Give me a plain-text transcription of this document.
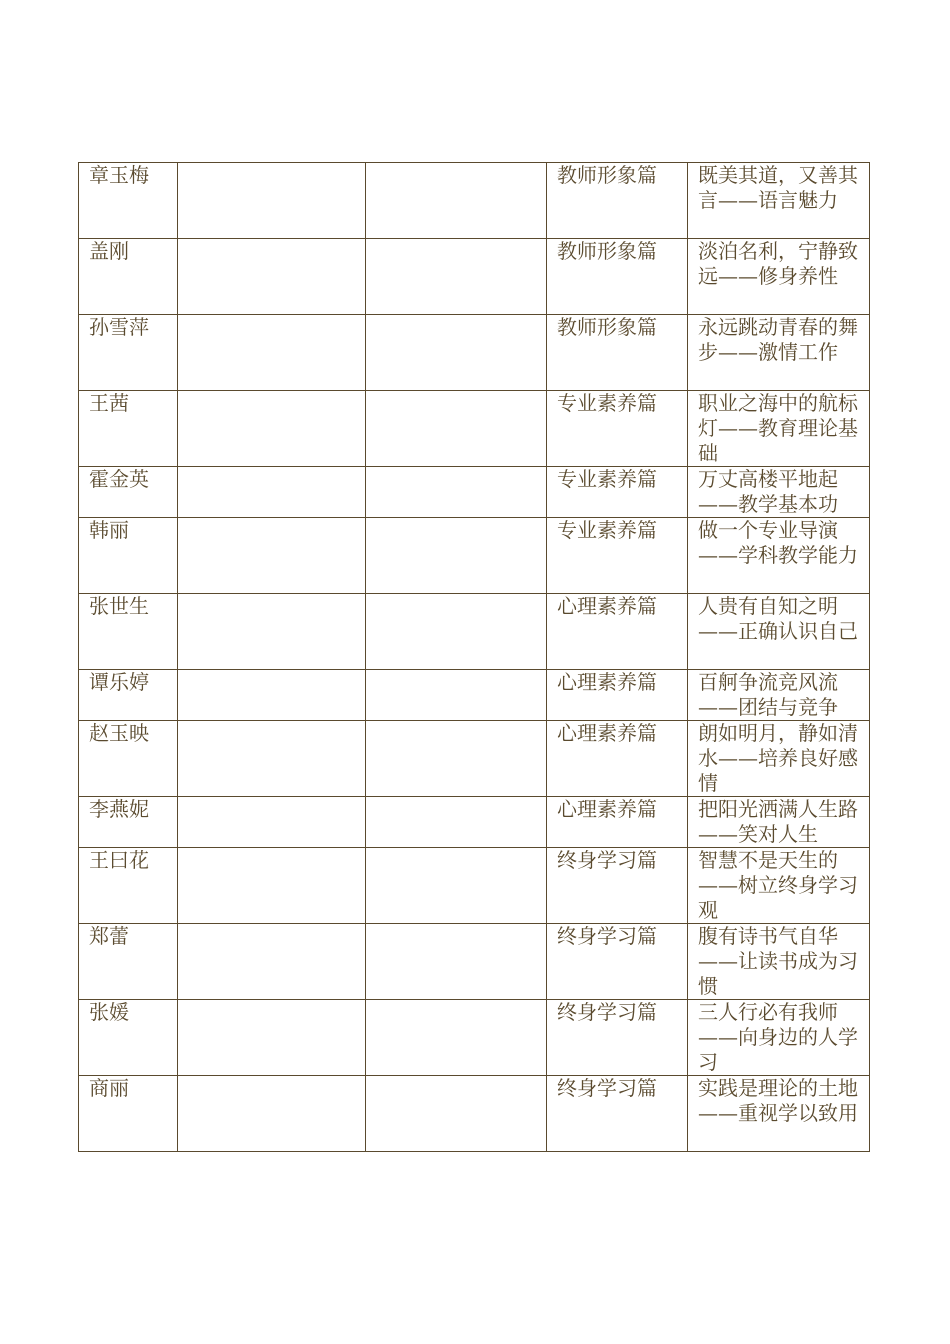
章玉梅			教师形象篇	既美其道，又善其言——语言魅力
盖刚			教师形象篇	淡泊名利，宁静致远——修身养性
孙雪萍			教师形象篇	永远跳动青春的舞步——激情工作
王茜			专业素养篇	职业之海中的航标灯——教育理论基础
霍金英			专业素养篇	万丈高楼平地起——教学基本功
韩丽			专业素养篇	做一个专业导演——学科教学能力
张世生			心理素养篇	人贵有自知之明——正确认识自己
谭乐婷			心理素养篇	百舸争流竞风流——团结与竞争
赵玉映			心理素养篇	朗如明月，静如清水——培养良好感情
李燕妮			心理素养篇	把阳光洒满人生路——笑对人生
王曰花			终身学习篇	智慧不是天生的——树立终身学习观
郑蕾			终身学习篇	腹有诗书气自华——让读书成为习惯
张媛			终身学习篇	三人行必有我师——向身边的人学习
商丽			终身学习篇	实践是理论的土地——重视学以致用
